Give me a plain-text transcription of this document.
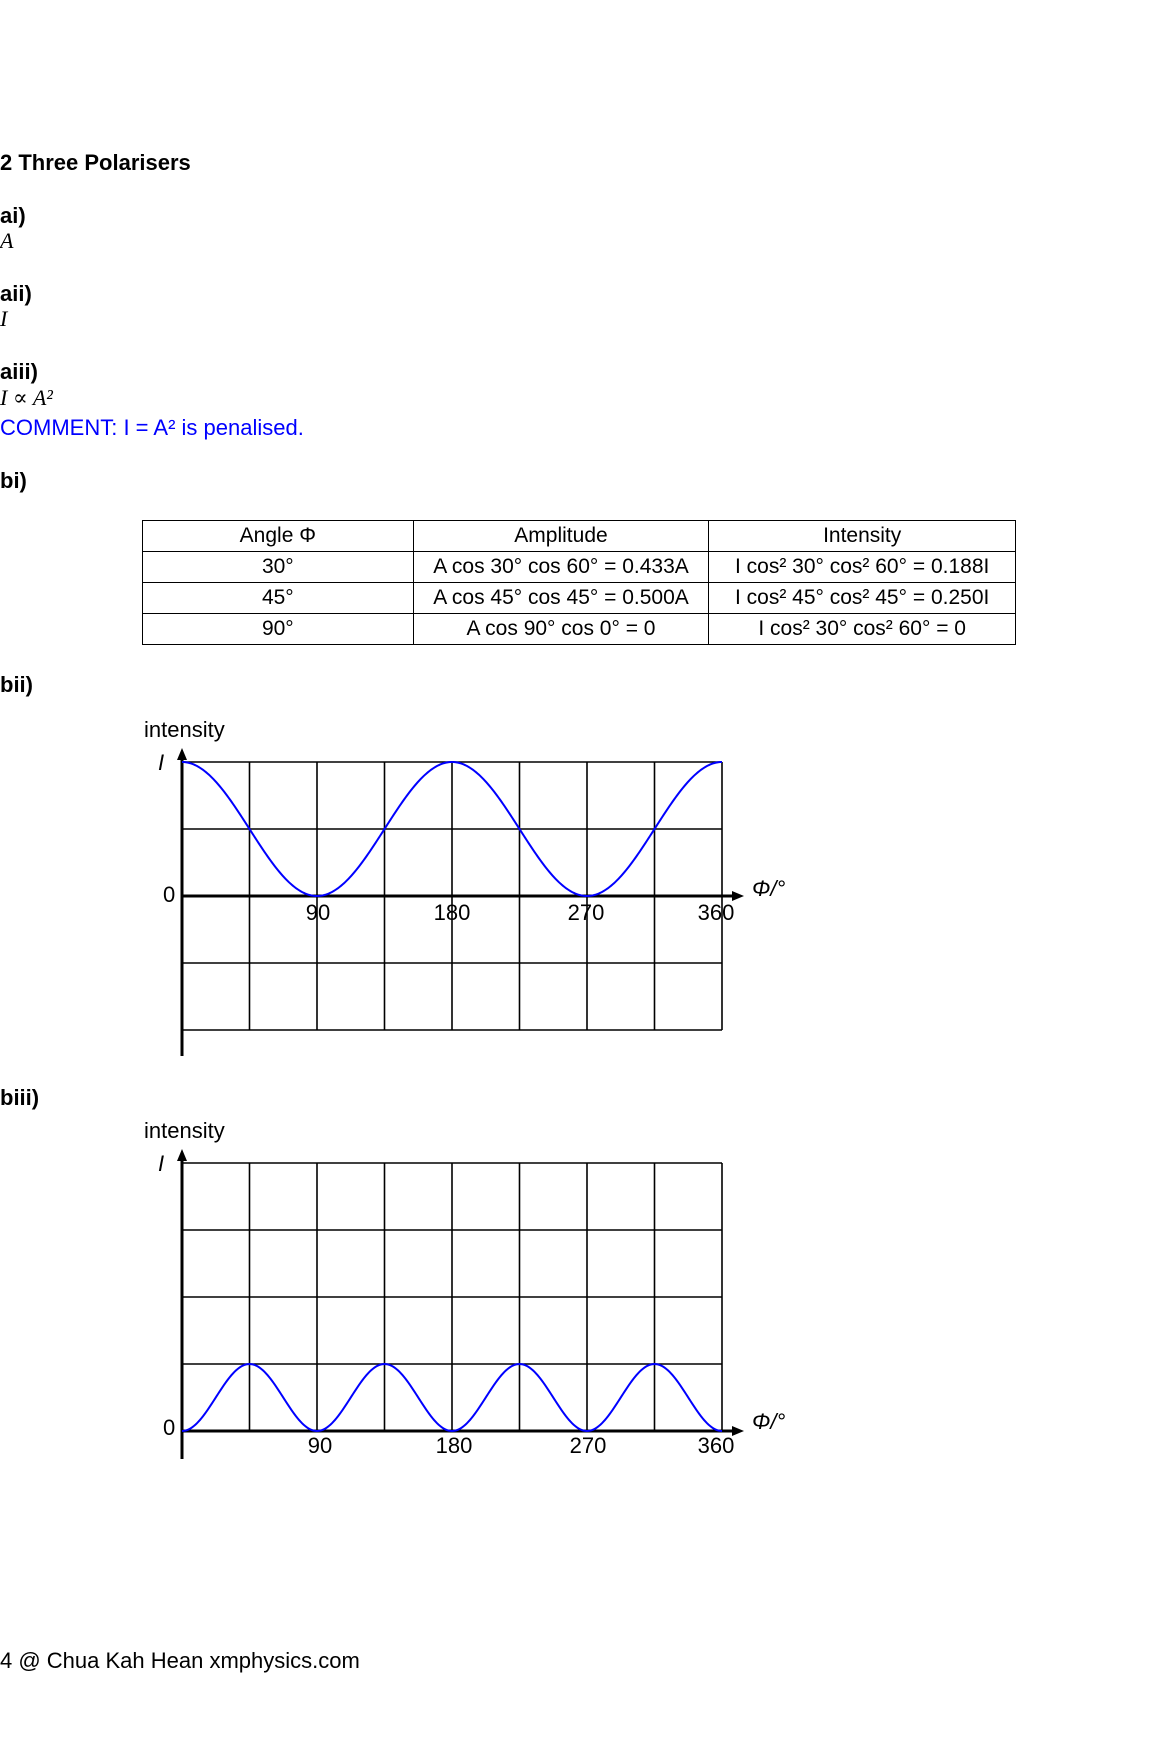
2 Three Polarisers
ai)
A
aii)
I
aiii)
I ∝ A²
COMMENT: I = A² is penalised.
bi)
Angle Φ	Amplitude	Intensity
30°	A cos 30° cos 60° = 0.433A	I cos² 30° cos² 60° = 0.188I
45°	A cos 45° cos 45° = 0.500A	I cos² 45° cos² 45° = 0.250I
90°	A cos 90° cos 0° = 0	I cos² 30° cos² 60° = 0
bii)
intensity
I
0	Φ/°
90	180	270	360
biii)
intensity
I
0	Φ/°
90	180	270	360
4 @ Chua Kah Hean xmphysics.com
